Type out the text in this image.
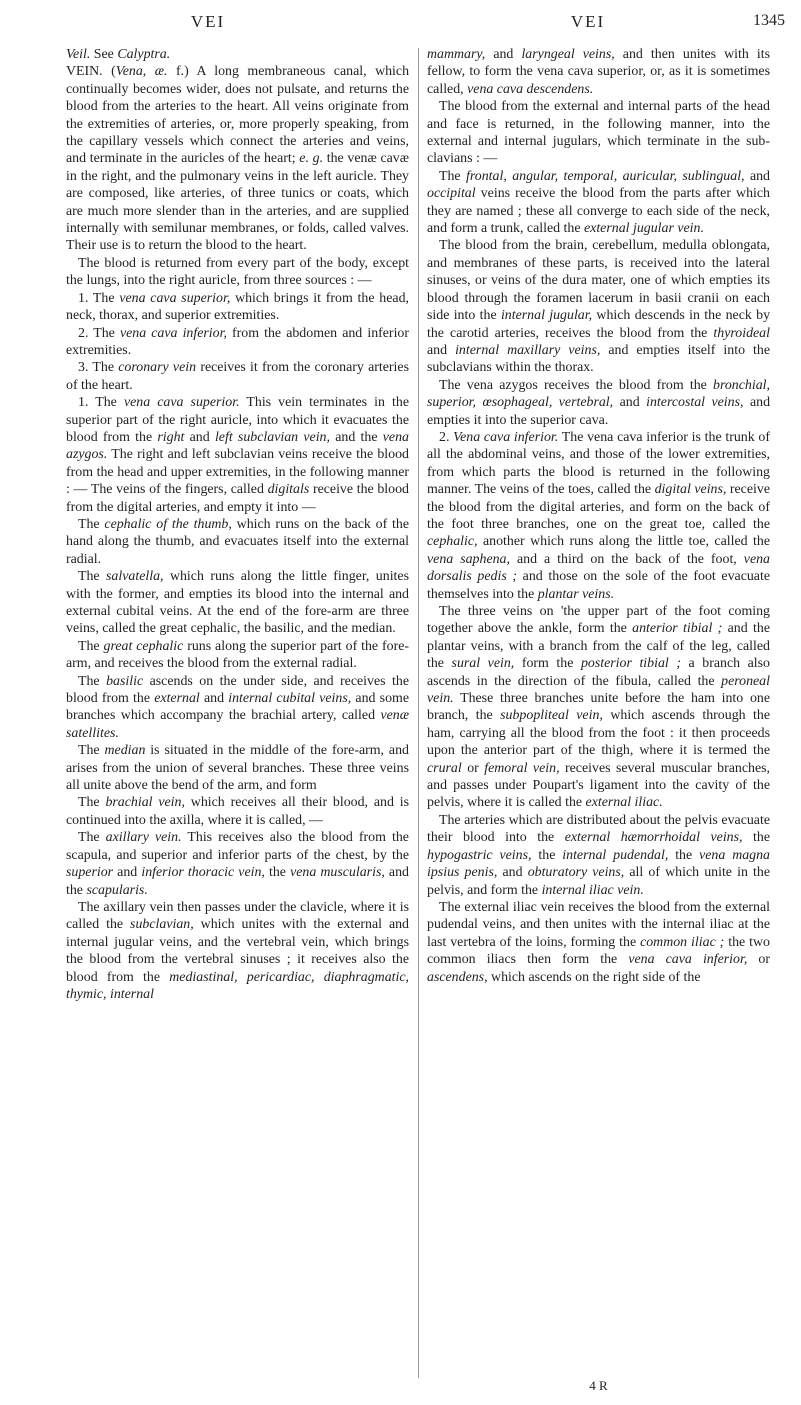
VEI	VEI	1345

Veil. See Calyptra.

VEIN. (Vena, æ. f.) A long membraneous canal, which continually becomes wider, does not pulsate, and returns the blood from the arteries to the heart. All veins originate from the extremities of arteries, or, more properly speaking, from the capillary vessels which connect the arteries and veins, and terminate in the auricles of the heart; e. g. the venæ cavæ in the right, and the pulmonary veins in the left auricle. They are composed, like arteries, of three tunics or coats, which are much more slender than in the arteries, and are supplied internally with semilunar membranes, or folds, called valves. Their use is to return the blood to the heart.

The blood is returned from every part of the body, except the lungs, into the right auricle, from three sources : —

1. The vena cava superior, which brings it from the head, neck, thorax, and superior extremities.

2. The vena cava inferior, from the abdomen and inferior extremities.

3. The coronary vein receives it from the coronary arteries of the heart.

1. The vena cava superior. This vein terminates in the superior part of the right auricle, into which it evacuates the blood from the right and left subclavian vein, and the vena azygos. The right and left subclavian veins receive the blood from the head and upper extremities, in the following manner : — The veins of the fingers, called digitals receive the blood from the digital arteries, and empty it into —

The cephalic of the thumb, which runs on the back of the hand along the thumb, and evacuates itself into the external radial.

The salvatella, which runs along the little finger, unites with the former, and empties its blood into the internal and external cubital veins. At the end of the fore-arm are three veins, called the great cephalic, the basilic, and the median.

The great cephalic runs along the superior part of the fore-arm, and receives the blood from the external radial.

The basilic ascends on the under side, and receives the blood from the external and internal cubital veins, and some branches which accompany the brachial artery, called venæ satellites.

The median is situated in the middle of the fore-arm, and arises from the union of several branches. These three veins all unite above the bend of the arm, and form

The brachial vein, which receives all their blood, and is continued into the axilla, where it is called, —

The axillary vein. This receives also the blood from the scapula, and superior and inferior parts of the chest, by the superior and inferior thoracic vein, the vena muscularis, and the scapularis.

The axillary vein then passes under the clavicle, where it is called the subclavian, which unites with the external and internal jugular veins, and the vertebral vein, which brings the blood from the vertebral sinuses ; it receives also the blood from the mediastinal, pericardiac, diaphragmatic, thymic, internal

mammary, and laryngeal veins, and then unites with its fellow, to form the vena cava superior, or, as it is sometimes called, vena cava descendens.

The blood from the external and internal parts of the head and face is returned, in the following manner, into the external and internal jugulars, which terminate in the sub-clavians : —

The frontal, angular, temporal, auricular, sublingual, and occipital veins receive the blood from the parts after which they are named ; these all converge to each side of the neck, and form a trunk, called the external jugular vein.

The blood from the brain, cerebellum, medulla oblongata, and membranes of these parts, is received into the lateral sinuses, or veins of the dura mater, one of which empties its blood through the foramen lacerum in basii cranii on each side into the internal jugular, which descends in the neck by the carotid arteries, receives the blood from the thyroideal and internal maxillary veins, and empties itself into the subclavians within the thorax.

The vena azygos receives the blood from the bronchial, superior, œsophageal, vertebral, and intercostal veins, and empties it into the superior cava.

2. Vena cava inferior. The vena cava inferior is the trunk of all the abdominal veins, and those of the lower extremities, from which parts the blood is returned in the following manner. The veins of the toes, called the digital veins, receive the blood from the digital arteries, and form on the back of the foot three branches, one on the great toe, called the cephalic, another which runs along the little toe, called the vena saphena, and a third on the back of the foot, vena dorsalis pedis ; and those on the sole of the foot evacuate themselves into the plantar veins.

The three veins on 'the upper part of the foot coming together above the ankle, form the anterior tibial ; and the plantar veins, with a branch from the calf of the leg, called the sural vein, form the posterior tibial ; a branch also ascends in the direction of the fibula, called the peroneal vein. These three branches unite before the ham into one branch, the subpopliteal vein, which ascends through the ham, carrying all the blood from the foot : it then proceeds upon the anterior part of the thigh, where it is termed the crural or femoral vein, receives several muscular branches, and passes under Poupart's ligament into the cavity of the pelvis, where it is called the external iliac.

The arteries which are distributed about the pelvis evacuate their blood into the external hæmorrhoidal veins, the hypogastric veins, the internal pudendal, the vena magna ipsius penis, and obturatory veins, all of which unite in the pelvis, and form the internal iliac vein.

The external iliac vein receives the blood from the external pudendal veins, and then unites with the internal iliac at the last vertebra of the loins, forming the common iliac ; the two common iliacs then form the vena cava inferior, or ascendens, which ascends on the right side of the

4 R
